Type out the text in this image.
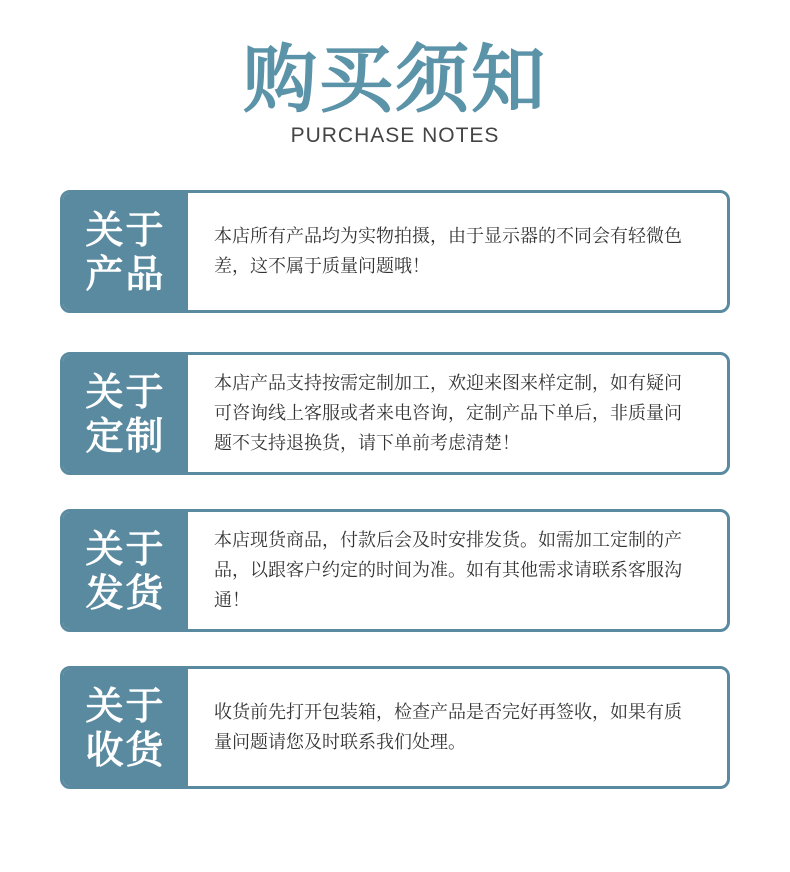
购买须知
PURCHASE NOTES
关于
产品
本店所有产品均为实物拍摄，由于显示器的不同会有轻微色差，这不属于质量问题哦！
关于
定制
本店产品支持按需定制加工，欢迎来图来样定制，如有疑问可咨询线上客服或者来电咨询，定制产品下单后，非质量问题不支持退换货，请下单前考虑清楚！
关于
发货
本店现货商品，付款后会及时安排发货。如需加工定制的产品，以跟客户约定的时间为准。如有其他需求请联系客服沟通！
关于
收货
收货前先打开包装箱，检查产品是否完好再签收，如果有质量问题请您及时联系我们处理。
